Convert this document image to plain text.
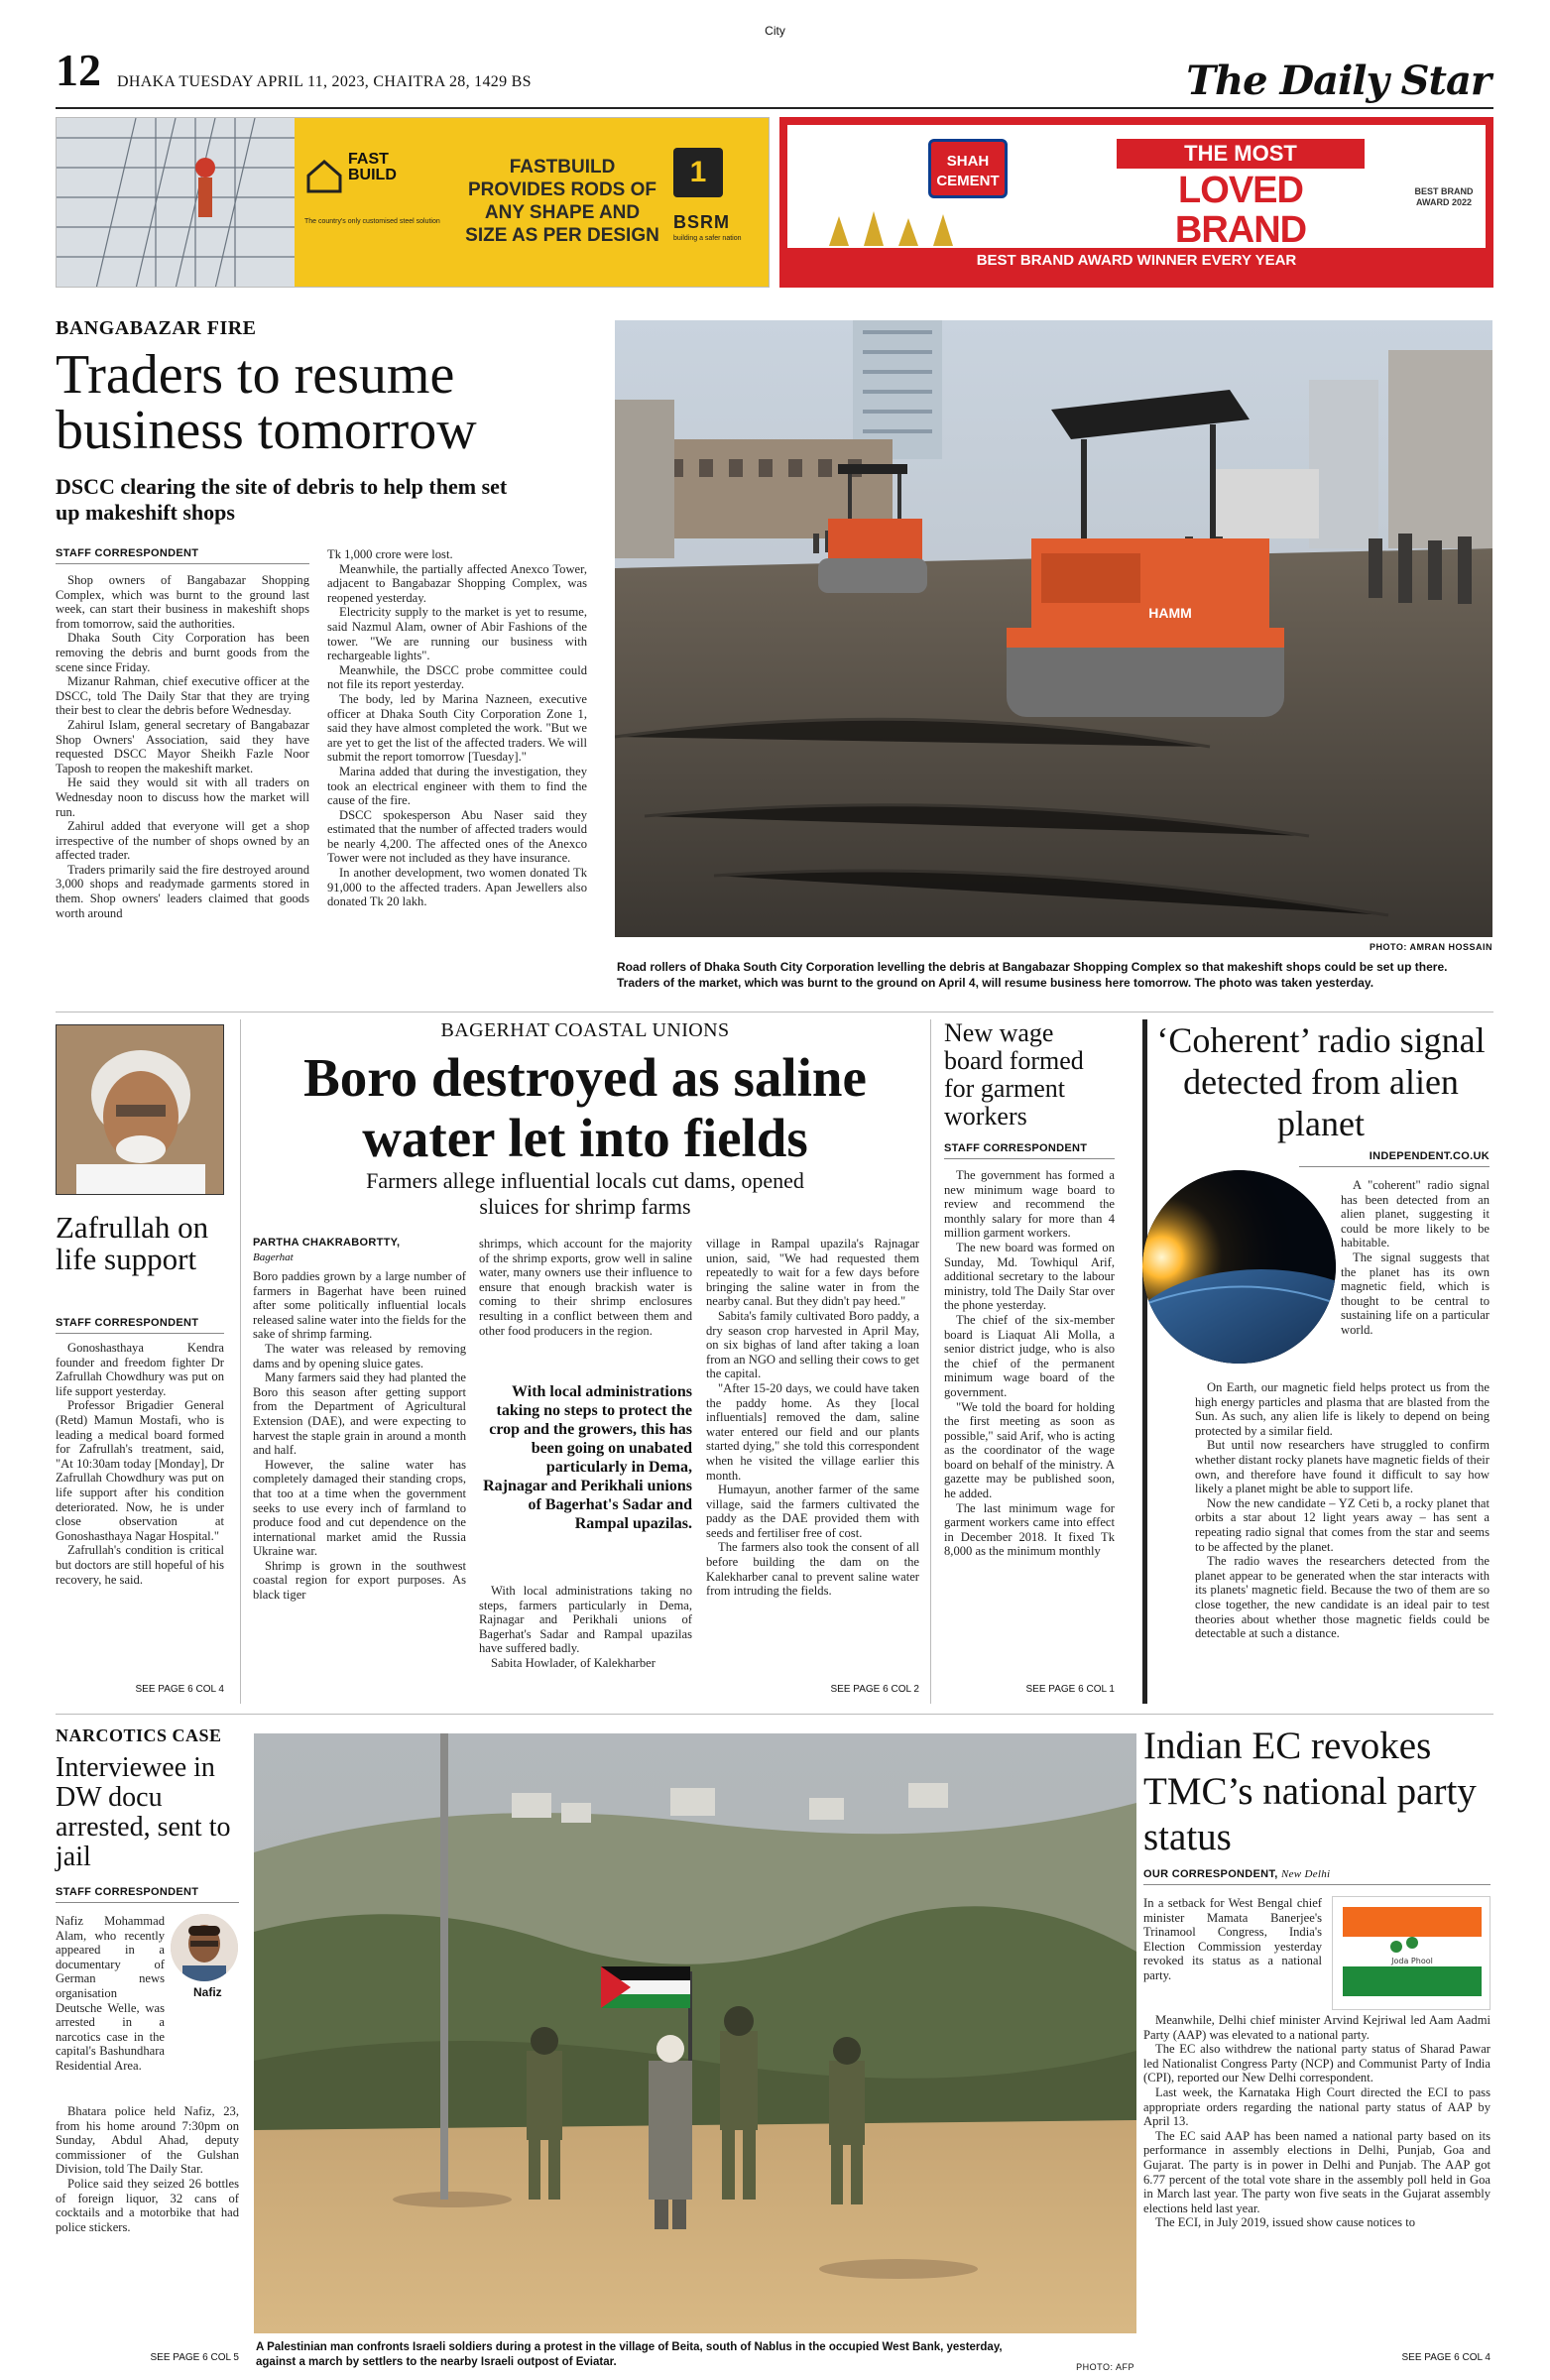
City
12 DHAKA TUESDAY APRIL 11, 2023, CHAITRA 28, 1429 BS	The Daily Star
FAST BUILD
The country's only customised steel solution
FASTBUILD PROVIDES RODS OF ANY SHAPE AND SIZE AS PER DESIGN
1
BSRM
building a safer nation
SHAH CEMENT
THE MOST
LOVED BRAND
BEST BRAND AWARD WINNER EVERY YEAR
BEST BRAND AWARD 2022
BANGABAZAR FIRE
Traders to resume business tomorrow
DSCC clearing the site of debris to help them set up makeshift shops
STAFF CORRESPONDENT

Shop owners of Bangabazar Shopping Complex, which was burnt to the ground last week, can start their business in makeshift shops from tomorrow, said the authorities.

Dhaka South City Corporation has been removing the debris and burnt goods from the scene since Friday.

Mizanur Rahman, chief executive officer at the DSCC, told The Daily Star that they are trying their best to clear the debris before Wednesday.

Zahirul Islam, general secretary of Bangabazar Shop Owners' Association, said they have requested DSCC Mayor Sheikh Fazle Noor Taposh to reopen the makeshift market.

He said they would sit with all traders on Wednesday noon to discuss how the market will run.

Zahirul added that everyone will get a shop irrespective of the number of shops owned by an affected trader.

Traders primarily said the fire destroyed around 3,000 shops and readymade garments stored in them. Shop owners' leaders claimed that goods worth around

Tk 1,000 crore were lost.

Meanwhile, the partially affected Anexco Tower, adjacent to Bangabazar Shopping Complex, was reopened yesterday.

Electricity supply to the market is yet to resume, said Nazmul Alam, owner of Abir Fashions of the tower. "We are running our business with rechargeable lights".

Meanwhile, the DSCC probe committee could not file its report yesterday.

The body, led by Marina Nazneen, executive officer at Dhaka South City Corporation Zone 1, said they have almost completed the work. "But we are yet to get the list of the affected traders. We will submit the report tomorrow [Tuesday]."

Marina added that during the investigation, they took an electrical engineer with them to find the cause of the fire.

DSCC spokesperson Abu Naser said they estimated that the number of affected traders would be nearly 4,200. The affected ones of the Anexco Tower were not included as they have insurance.

In another development, two women donated Tk 91,000 to the affected traders. Apan Jewellers also donated Tk 20 lakh.

HAMM
PHOTO: AMRAN HOSSAIN
Road rollers of Dhaka South City Corporation levelling the debris at Bangabazar Shopping Complex so that makeshift shops could be set up there. Traders of the market, which was burnt to the ground on April 4, will resume business here tomorrow. The photo was taken yesterday.
Zafrullah on life support
STAFF CORRESPONDENT

Gonoshasthaya Kendra founder and freedom fighter Dr Zafrullah Chowdhury was put on life support yesterday.

Professor Brigadier General (Retd) Mamun Mostafi, who is leading a medical board formed for Zafrullah's treatment, said, "At 10:30am today [Monday], Dr Zafrullah Chowdhury was put on life support after his condition deteriorated. Now, he is under close observation at Gonoshasthaya Nagar Hospital."

Zafrullah's condition is critical but doctors are still hopeful of his recovery, he said.

SEE PAGE 6 COL 4
BAGERHAT COASTAL UNIONS
Boro destroyed as saline water let into fields
Farmers allege influential locals cut dams, opened sluices for shrimp farms
PARTHA CHAKRABORTTY,
Bagerhat

Boro paddies grown by a large number of farmers in Bagerhat have been ruined after some politically influential locals released saline water into the fields for the sake of shrimp farming.

The water was released by removing dams and by opening sluice gates.

Many farmers said they had planted the Boro this season after getting support from the Department of Agricultural Extension (DAE), and were expecting to harvest the staple grain in around a month and half.

However, the saline water has completely damaged their standing crops, that too at a time when the government seeks to use every inch of farmland to produce food and cut dependence on the international market amid the Russia Ukraine war.

Shrimp is grown in the southwest coastal region for export purposes. As black tiger

shrimps, which account for the majority of the shrimp exports, grow well in saline water, many owners use their influence to ensure that enough brackish water is coming to their shrimp enclosures resulting in a conflict between them and other food producers in the region.

With local administrations taking no steps to protect the crop and the growers, this has been going on unabated particularly in Dema, Rajnagar and Perikhali unions of Bagerhat's Sadar and Rampal upazilas.

With local administrations taking no steps, farmers particularly in Dema, Rajnagar and Perikhali unions of Bagerhat's Sadar and Rampal upazilas have suffered badly.

Sabita Howlader, of Kalekharber

village in Rampal upazila's Rajnagar union, said, "We had requested them repeatedly to wait for a few days before bringing the saline water in from the nearby canal. But they didn't pay heed."

Sabita's family cultivated Boro paddy, a dry season crop harvested in April May, on six bighas of land after taking a loan from an NGO and selling their cows to get the capital.

"After 15-20 days, we could have taken the paddy home. As they [local influentials] removed the dam, saline water entered our field and our plants started dying," she told this correspondent when he visited the village earlier this month.

Humayun, another farmer of the same village, said the farmers cultivated the paddy as the DAE provided them with seeds and fertiliser free of cost.

The farmers also took the consent of all before building the dam on the Kalekharber canal to prevent saline water from intruding the fields.

SEE PAGE 6 COL 2
New wage board formed for garment workers
STAFF CORRESPONDENT

The government has formed a new minimum wage board to review and recommend the monthly salary for more than 4 million garment workers.

The new board was formed on Sunday, Md. Towhiqul Arif, additional secretary to the labour ministry, told The Daily Star over the phone yesterday.

The chief of the six-member board is Liaquat Ali Molla, a senior district judge, who is also the chief of the permanent minimum wage board of the government.

"We told the board for holding the first meeting as soon as possible," said Arif, who is acting as the coordinator of the wage board on behalf of the ministry. A gazette may be published soon, he added.

The last minimum wage for garment workers came into effect in December 2018. It fixed Tk 8,000 as the minimum monthly

SEE PAGE 6 COL 1
‘Coherent’ radio signal detected from alien planet
INDEPENDENT.CO.UK

A "coherent" radio signal has been detected from an alien planet, suggesting it could be more likely to be habitable.

The signal suggests that the planet has its own magnetic field, which is thought to be central to sustaining life on a particular world.

On Earth, our magnetic field helps protect us from the high energy particles and plasma that are blasted from the Sun. As such, any alien life is likely to depend on being protected by a similar field.

But until now researchers have struggled to confirm whether distant rocky planets have magnetic fields of their own, and therefore have found it difficult to say how likely a planet might be able to support life.

Now the new candidate – YZ Ceti b, a rocky planet that orbits a star about 12 light years away – has sent a repeating radio signal that comes from the star and seems to be affected by the planet.

The radio waves the researchers detected from the planet appear to be generated when the star interacts with its planets' magnetic field. Because the two of them are so close together, the new candidate is an ideal pair to test theories about whether those magnetic fields could be detectable at such a distance.

NARCOTICS CASE
Interviewee in DW docu arrested, sent to jail
STAFF CORRESPONDENT
Nafiz

Nafiz Mohammad Alam, who recently appeared in a documentary of German news organisation Deutsche Welle, was arrested in a narcotics case in the capital's Bashundhara Residential Area.

Bhatara police held Nafiz, 23, from his home around 7:30pm on Sunday, Abdul Ahad, deputy commissioner of the Gulshan Division, told The Daily Star.

Police said they seized 26 bottles of foreign liquor, 32 cans of cocktails and a motorbike that had police stickers.

SEE PAGE 6 COL 5
A Palestinian man confronts Israeli soldiers during a protest in the village of Beita, south of Nablus in the occupied West Bank, yesterday, against a march by settlers to the nearby Israeli outpost of Eviatar.	PHOTO: AFP
Indian EC revokes TMC’s national party status
OUR CORRESPONDENT, New Delhi
Joda Phool

In a setback for West Bengal chief minister Mamata Banerjee's Trinamool Congress, India's Election Commission yesterday revoked its status as a national party.

Meanwhile, Delhi chief minister Arvind Kejriwal led Aam Aadmi Party (AAP) was elevated to a national party.

The EC also withdrew the national party status of Sharad Pawar led Nationalist Congress Party (NCP) and Communist Party of India (CPI), reported our New Delhi correspondent.

Last week, the Karnataka High Court directed the ECI to pass appropriate orders regarding the national party status of AAP by April 13.

The EC said AAP has been named a national party based on its performance in assembly elections in Delhi, Punjab, Goa and Gujarat. The party is in power in Delhi and Punjab. The AAP got 6.77 percent of the total vote share in the assembly poll held in Goa in March last year. The party won five seats in the Gujarat assembly elections held last year.

The ECI, in July 2019, issued show cause notices to

SEE PAGE 6 COL 4
